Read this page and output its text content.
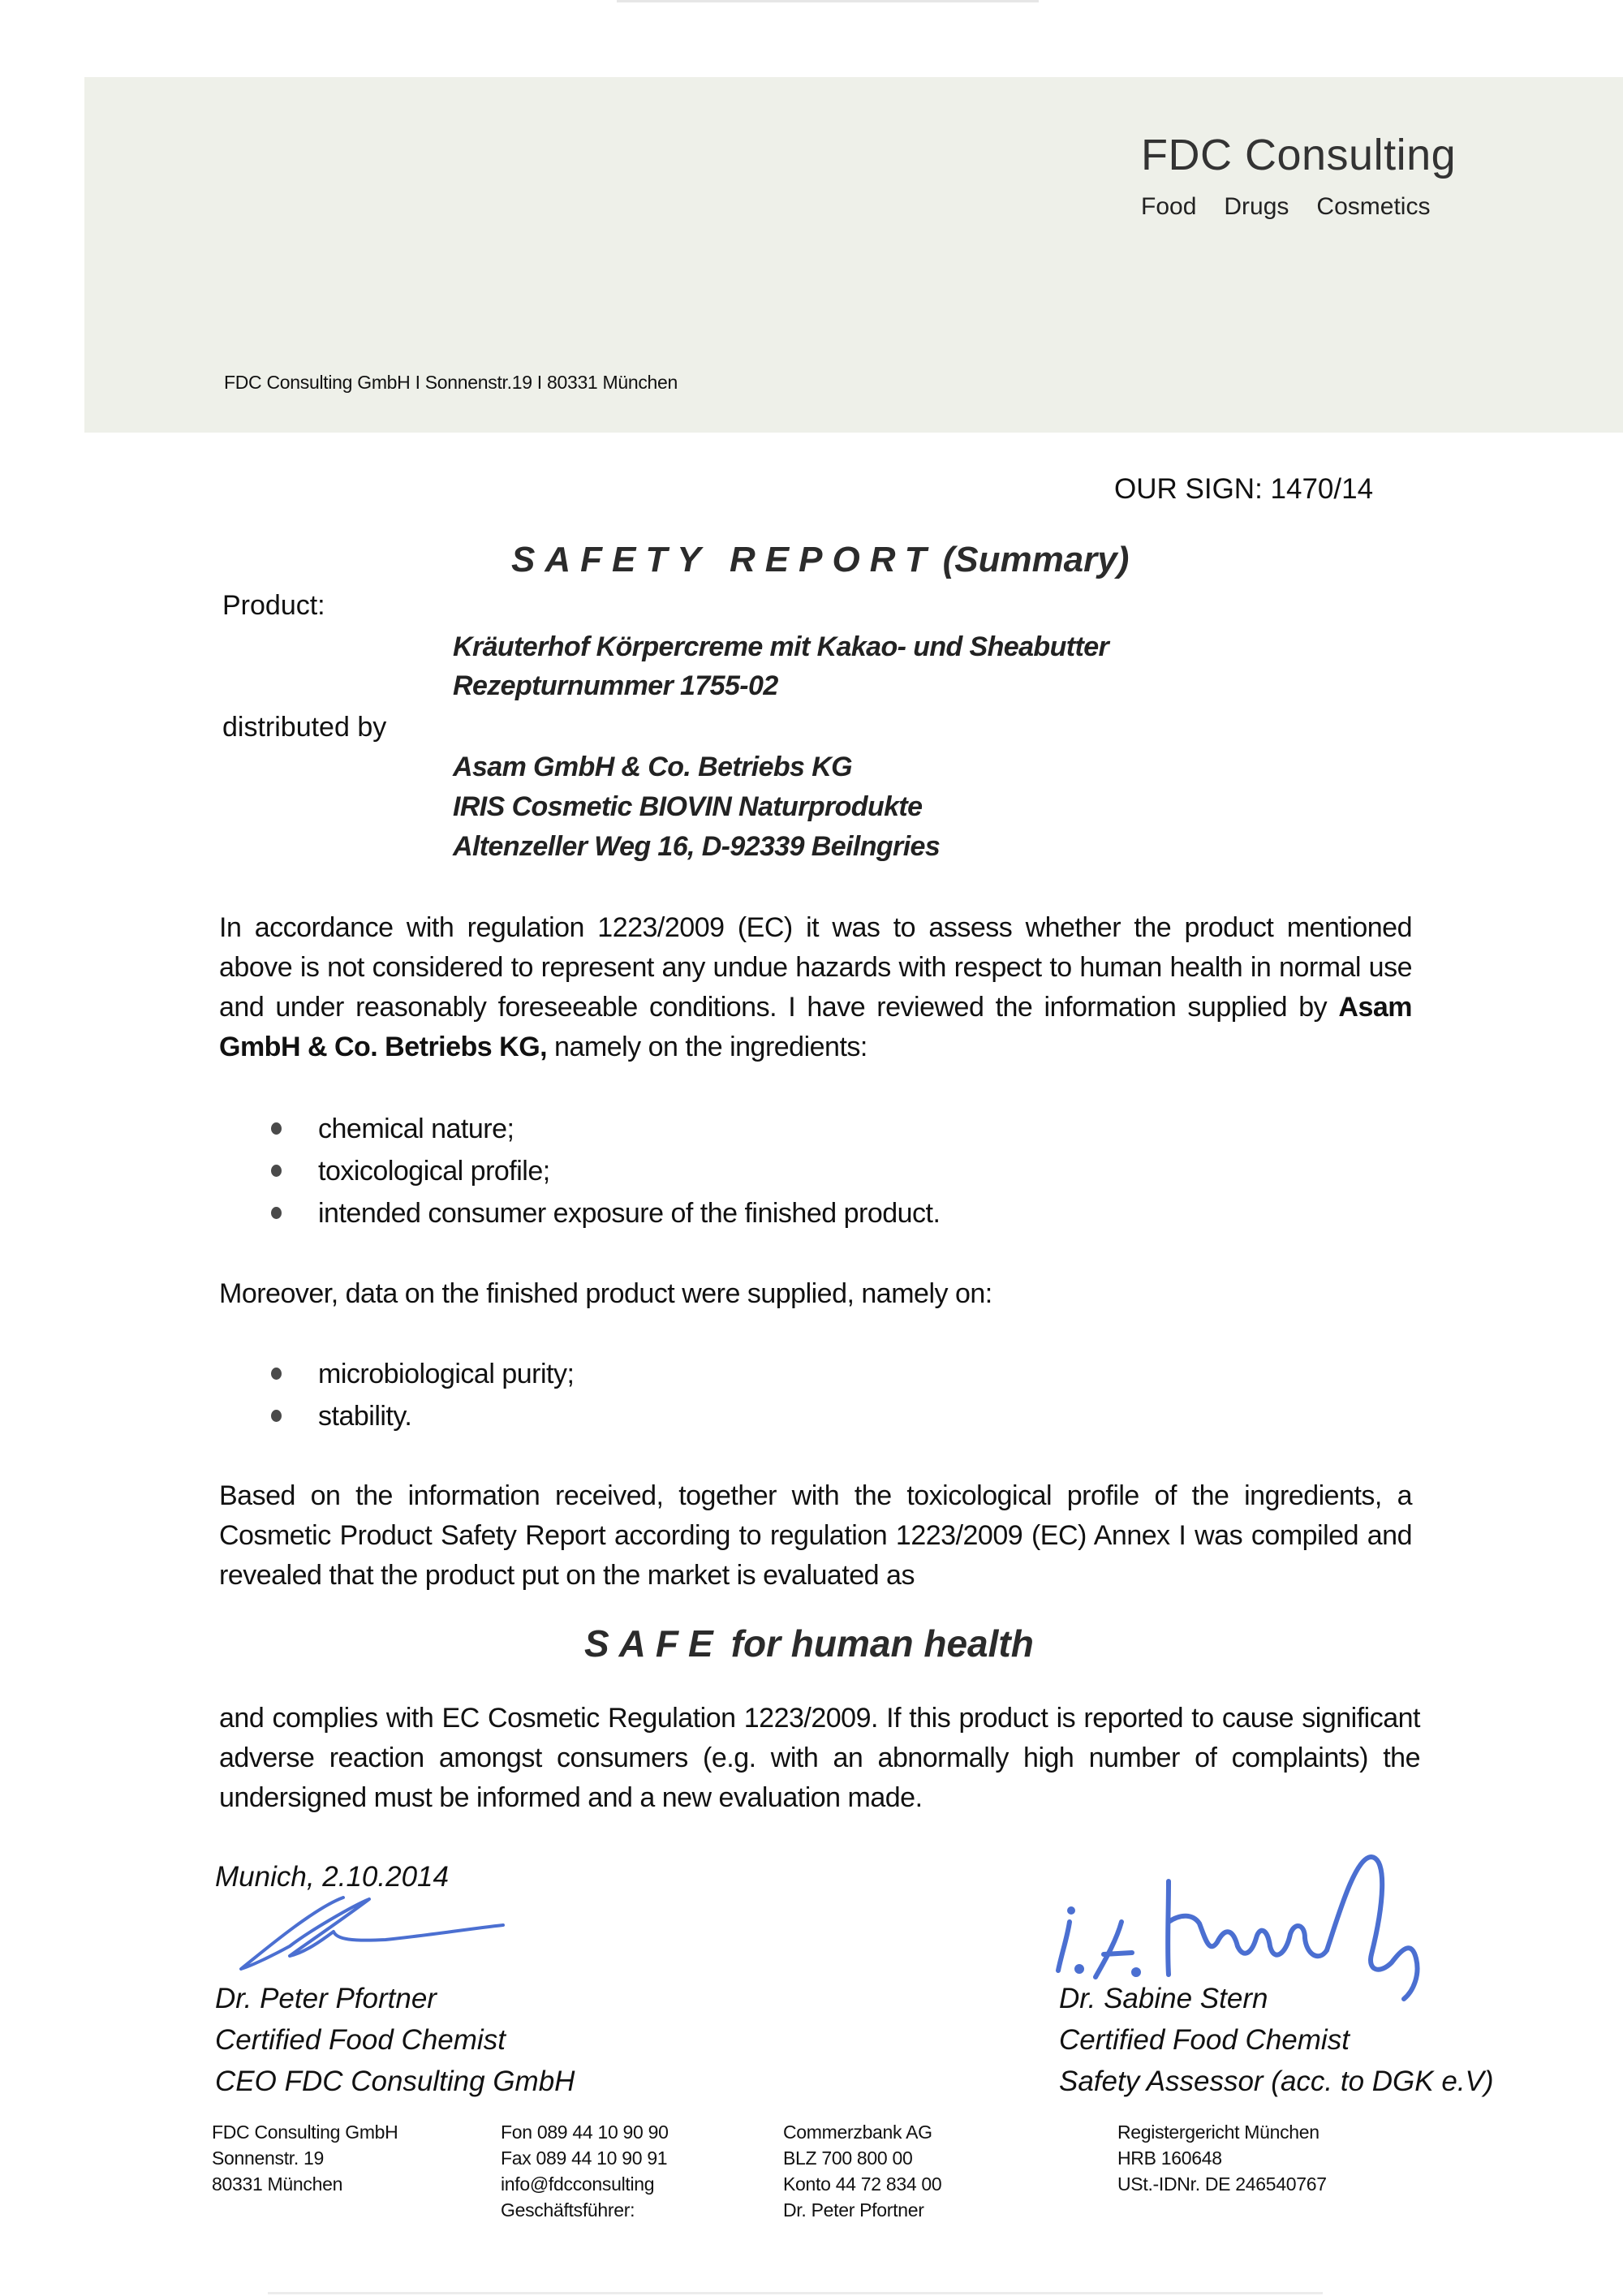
FDC Consulting
Food Drugs Cosmetics
FDC Consulting GmbH I Sonnenstr.19 I 80331 München
OUR SIGN: 1470/14
SAFETY REPORT (Summary)
Product:
Kräuterhof Körpercreme mit Kakao- und Sheabutter
Rezepturnummer 1755-02
distributed by
Asam GmbH & Co. Betriebs KG
IRIS Cosmetic BIOVIN Naturprodukte
Altenzeller Weg 16, D-92339 Beilngries
In accordance with regulation 1223/2009 (EC) it was to assess whether the product mentioned above is not considered to represent any undue hazards with respect to human health in normal use and under reasonably foreseeable conditions. I have reviewed the information supplied by Asam GmbH & Co. Betriebs KG, namely on the ingredients:
chemical nature;
toxicological profile;
intended consumer exposure of the finished product.
Moreover, data on the finished product were supplied, namely on:
microbiological purity;
stability.
Based on the information received, together with the toxicological profile of the ingredients, a Cosmetic Product Safety Report according to regulation 1223/2009 (EC) Annex I was compiled and revealed that the product put on the market is evaluated as
SAFE for human health
and complies with EC Cosmetic Regulation 1223/2009. If this product is reported to cause significant adverse reaction amongst consumers (e.g. with an abnormally high number of complaints) the undersigned must be informed and a new evaluation made.
Munich, 2.10.2014
Dr. Peter Pfortner
Certified Food Chemist
CEO FDC Consulting GmbH
Dr. Sabine Stern
Certified Food Chemist
Safety Assessor (acc. to DGK e.V)
FDC Consulting GmbH
Sonnenstr. 19
80331 München
Fon 089 44 10 90 90
Fax 089 44 10 90 91
info@fdcconsulting
Geschäftsführer:
Commerzbank AG
BLZ 700 800 00
Konto 44 72 834 00
Dr. Peter Pfortner
Registergericht München
HRB 160648
USt.-IDNr. DE 246540767
